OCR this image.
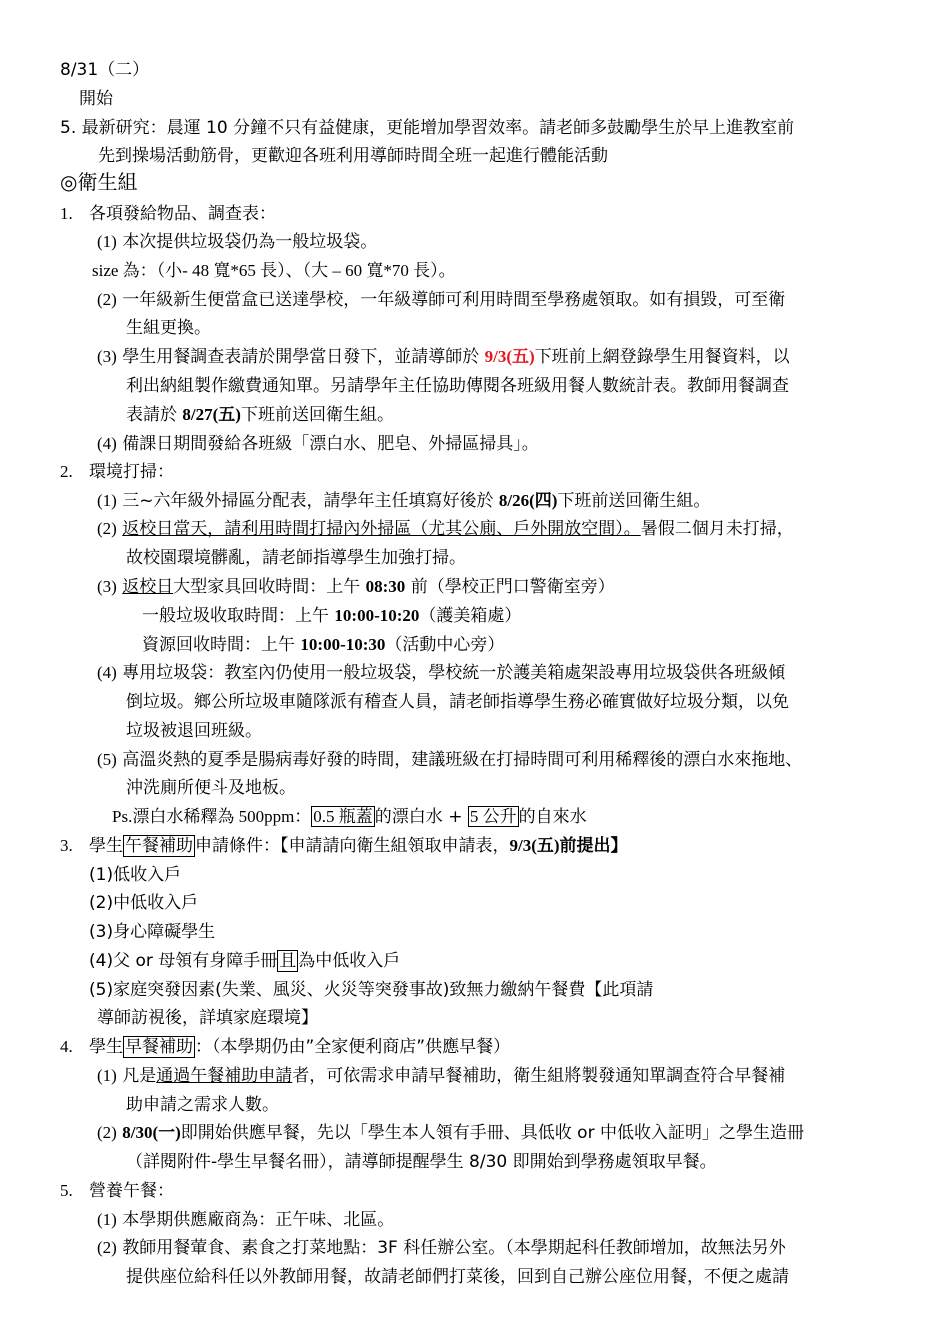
8/31（二）
開始
5. 最新研究：晨運 10 分鐘不只有益健康，更能增加學習效率。請老師多鼓勵學生於早上進教室前
先到操場活動筋骨，更歡迎各班利用導師時間全班一起進行體能活動
◎衛生組
1. 各項發給物品、調查表：
(1) 本次提供垃圾袋仍為一般垃圾袋。
size 為：（小- 48 寬*65 長）、（大 – 60 寬*70 長）。
(2) 一年級新生便當盒已送達學校，一年級導師可利用時間至學務處領取。如有損毀，可至衛
生組更換。
(3) 學生用餐調查表請於開學當日發下，並請導師於 9/3(五)下班前上網登錄學生用餐資料，以
利出納組製作繳費通知單。另請學年主任協助傳閱各班級用餐人數統計表。教師用餐調查
表請於 8/27(五)下班前送回衛生組。
(4) 備課日期間發給各班級「漂白水、肥皂、外掃區掃具」。
2. 環境打掃：
(1) 三~六年級外掃區分配表，請學年主任填寫好後於 8/26(四)下班前送回衛生組。
(2) 返校日當天，請利用時間打掃內外掃區（尤其公廁、戶外開放空間）。暑假二個月未打掃，
故校園環境髒亂，請老師指導學生加強打掃。
(3) 返校日大型家具回收時間：上午 08:30 前（學校正門口警衛室旁）
一般垃圾收取時間：上午 10:00-10:20（護美箱處）
資源回收時間：上午 10:00-10:30（活動中心旁）
(4) 專用垃圾袋：教室內仍使用一般垃圾袋，學校統一於護美箱處架設專用垃圾袋供各班級傾
倒垃圾。鄉公所垃圾車隨隊派有稽查人員，請老師指導學生務必確實做好垃圾分類，以免
垃圾被退回班級。
(5) 高溫炎熱的夏季是腸病毒好發的時間，建議班級在打掃時間可利用稀釋後的漂白水來拖地、
沖洗廁所便斗及地板。
Ps.漂白水稀釋為 500ppm： 0.5 瓶蓋 的漂白水 + 5 公升 的自來水
3. 學生 午餐補助 申請條件：【申請請向衛生組領取申請表，9/3(五)前提出】
(1)低收入戶
(2)中低收入戶
(3)身心障礙學生
(4)父 or 母領有身障手冊 且 為中低收入戶
(5)家庭突發因素(失業、風災、火災等突發事故)致無力繳納午餐費【此項請
導師訪視後，詳填家庭環境】
4. 學生 早餐補助 ：（本學期仍由”全家便利商店”供應早餐）
(1) 凡是通過午餐補助申請者，可依需求申請早餐補助，衛生組將製發通知單調查符合早餐補
助申請之需求人數。
(2) 8/30(一)即開始供應早餐，先以「學生本人領有手冊、具低收 or 中低收入証明」之學生造冊
（詳閱附件-學生早餐名冊），請導師提醒學生 8/30 即開始到學務處領取早餐。
5. 營養午餐：
(1) 本學期供應廠商為：正午味、北區。
(2) 教師用餐葷食、素食之打菜地點：3F 科任辦公室。（本學期起科任教師增加，故無法另外
提供座位給科任以外教師用餐，故請老師們打菜後，回到自己辦公座位用餐，不便之處請
